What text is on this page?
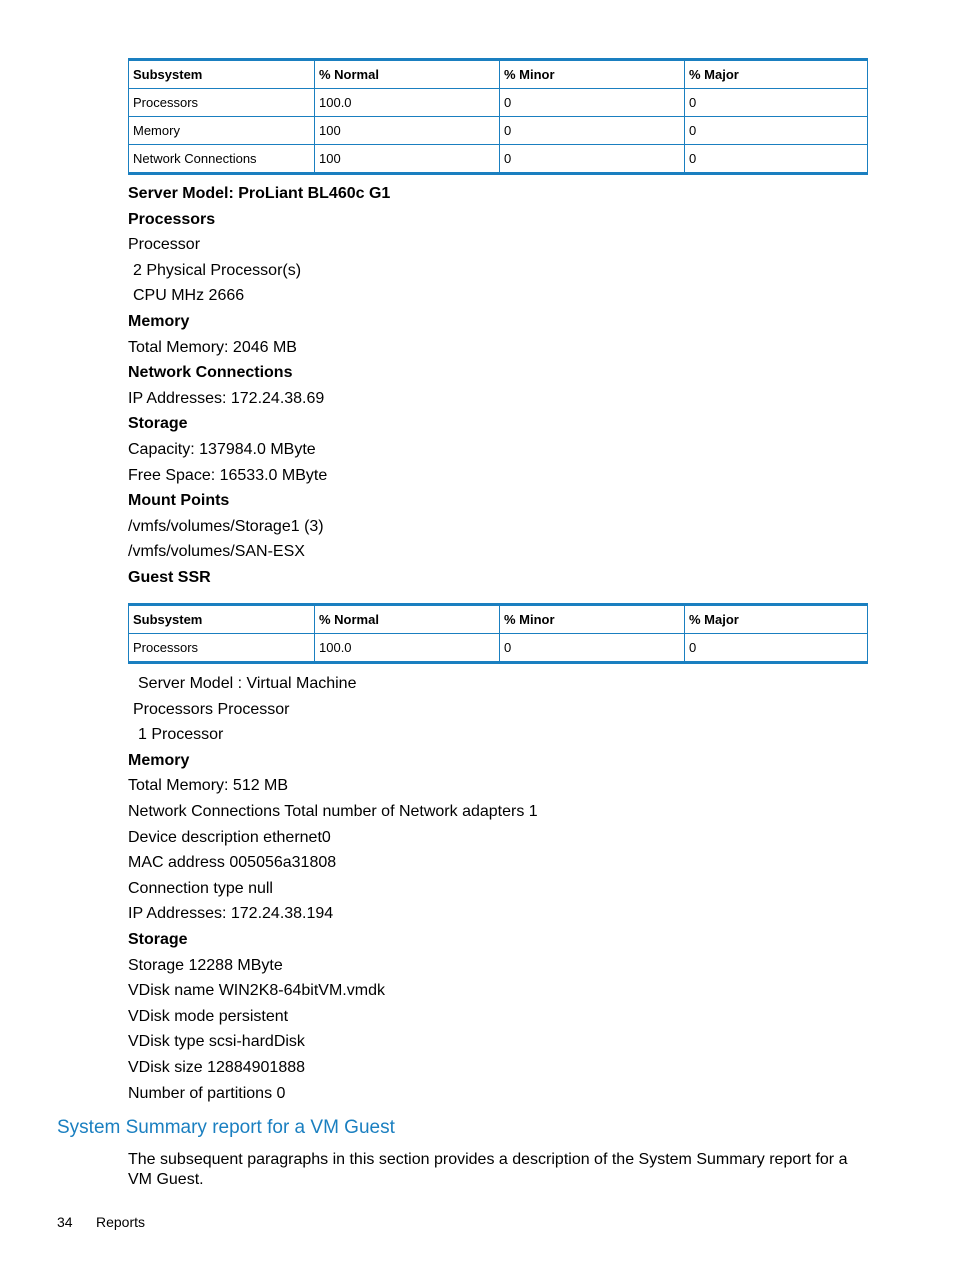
Subsystem	% Normal	% Minor	% Major
Processors	100.0	0	0
Memory	100	0	0
Network Connections	100	0	0
Server Model: ProLiant BL460c G1
Processors
Processor
2 Physical Processor(s)
CPU MHz 2666
Memory
Total Memory: 2046 MB
Network Connections
IP Addresses: 172.24.38.69
Storage
Capacity: 137984.0 MByte
Free Space: 16533.0 MByte
Mount Points
/vmfs/volumes/Storage1 (3)
/vmfs/volumes/SAN-ESX
Guest SSR
Subsystem	% Normal	% Minor	% Major
Processors	100.0	0	0
Server Model : Virtual Machine
Processors Processor
1 Processor
Memory
Total Memory: 512 MB
Network Connections Total number of Network adapters 1
Device description ethernet0
MAC address 005056a31808
Connection type null
IP Addresses: 172.24.38.194
Storage
Storage 12288 MByte
VDisk name WIN2K8-64bitVM.vmdk
VDisk mode persistent
VDisk type scsi-hardDisk
VDisk size 12884901888
Number of partitions 0
System Summary report for a VM Guest

The subsequent paragraphs in this section provides a description of the System Summary report for a VM Guest.

34 Reports
